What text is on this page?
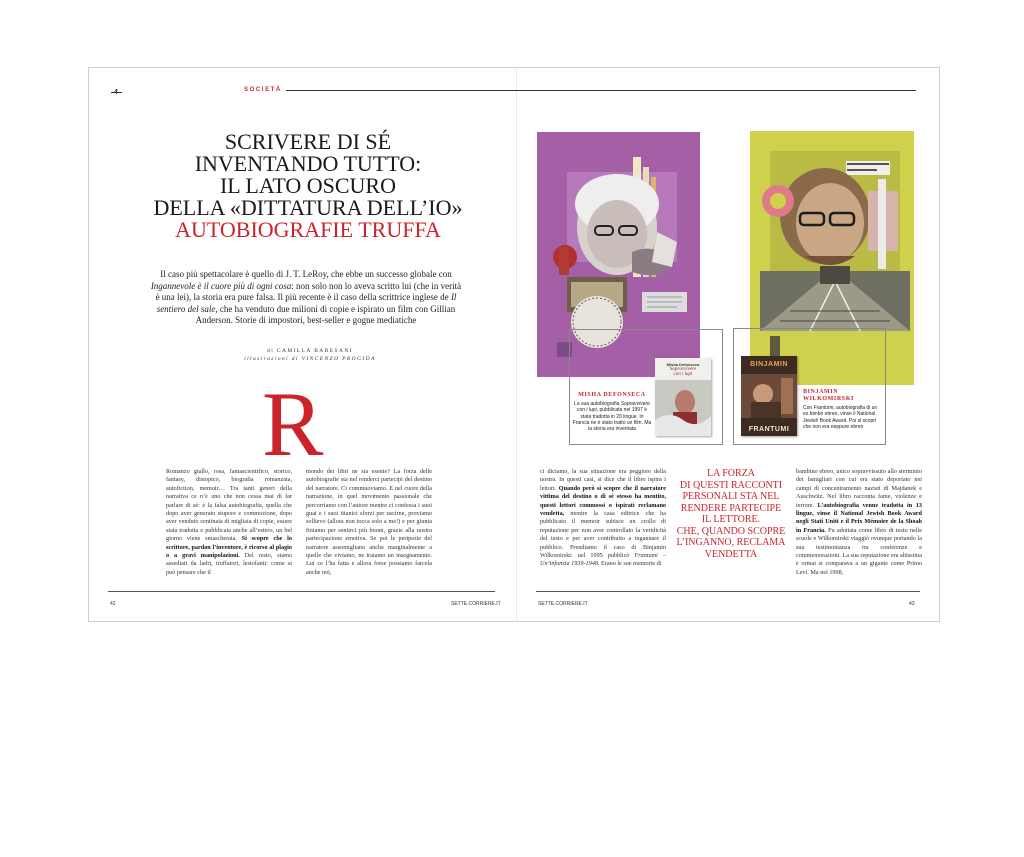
SOCIETÀ
SCRIVERE DI SÉ
INVENTANDO TUTTO:
IL LATO OSCURO
DELLA «DITTATURA DELL’IO»
AUTOBIOGRAFIE TRUFFA
Il caso più spettacolare è quello di J. T. LeRoy, che ebbe un successo globale con Ingannevole è il cuore più di ogni cosa: non solo non lo aveva scritto lui (che in verità è una lei), la storia era pure falsa. Il più recente è il caso della scrittrice inglese de Il sentiero del sale, che ha venduto due milioni di copie e ispirato un film con Gillian Anderson. Storie di impostori, best-seller e gogne mediatiche
di CAMILLA BARESANI
illustrazioni di VINCENZO PROGIDA
R
Romanzo giallo, rosa, fantascientifico, storico, fantasy, distopico, biografia romanzata, autofiction, memoir… Tra tanti generi della narrativa ce n’è uno che non cessa mai di far parlare di sé: è la falsa autobiografia, quella che dopo aver generato stupore e commozione, dopo aver venduto centinaia di migliaia di copie, essere stata tradotta e pubblicata anche all’estero, un bel giorno viene smascherata. Si scopre che lo scrittore, pardon l’inventore, è ricorso al plagio o a gravi manipolazioni. Del resto, siamo assediati da ladri, truffatori, lestofanti: come si può pensare che il
mondo dei libri ne sia esente? La forza delle autobiografie sta nel renderci partecipi del destino del narratore. Ci commuoviamo. E nel cuore della narrazione, in quel movimento passionale che percorriamo con l’autore mentre ci confessa i suoi guai e i suoi titanici sforzi per uscirne, proviamo sollievo (allora non tocca solo a me!) e per giunta finiamo per sentirci più buoni, grazie alla nostra partecipazione emotiva. Se poi le peripezie del narratore assomigliano anche marginalmente a quelle che viviamo, ne traiamo un insegnamento. Lui ce l’ha fatta e allora forse possiamo farcela anche noi,
ci diciamo, la sua situazione era peggiore della nostra. In questi casi, si dice che il libro ispira i lettori. Quando però si scopre che il narratore vittima del destino o di sé stesso ha mentito, questi lettori commossi o ispirati reclamano vendetta, mentre la casa editrice che ha pubblicato il memoir subisce un crollo di reputazione per non aver controllato la veridicità del testo e per aver contribuito a ingannare il pubblico. Prendiamo il caso di Binjamin Wilkomirski: nel 1995 pubblicò Frantumi – Un’infanzia 1939-1948. Erano le sue memorie di
bambino ebreo, unico sopravvissuto allo sterminio dei famigliari con cui era stato deportato nei campi di concentramento nazisti di Majdanek e Auschwitz. Nel libro racconta fame, violenze e terrore. L’autobiografia venne tradotta in 13 lingue, vinse il National Jewish Book Award negli Stati Uniti e il Prix Mémoire de la Shoah in Francia. Fu adottata come libro di testo nelle scuole e Wilkomirski viaggiò ovunque portando la sua testimonianza tra conferenze e commemorazioni. La sua reputazione era altissima e ormai si comparava a un gigante come Primo Levi. Ma nel 1998,
LA FORZA
DI QUESTI RACCONTI
PERSONALI STA NEL
RENDERE PARTECIPE
IL LETTORE.
CHE, QUANDO SCOPRE
L’INGANNO, RECLAMA
VENDETTA
Misha Defonseca
Sopravvivere
con i lupi
BINJAMIN
FRANTUMI
MISHA DEFONSECA
La sua autobiografia Sopravvivere con i lupi, pubblicata nel 1997 è stata tradotta in 20 lingue. In Francia ne è stato tratto un film. Ma la storia era inventata
BINJAMIN
WILKOMIRSKI
Con Frantumi, autobiografia di un ex bimbo ebreo, vinse il National Jewish Book Award. Poi si scoprì che non era neppure ebreo
42	SETTE.CORRIERE.IT	SETTE.CORRIERE.IT	43
